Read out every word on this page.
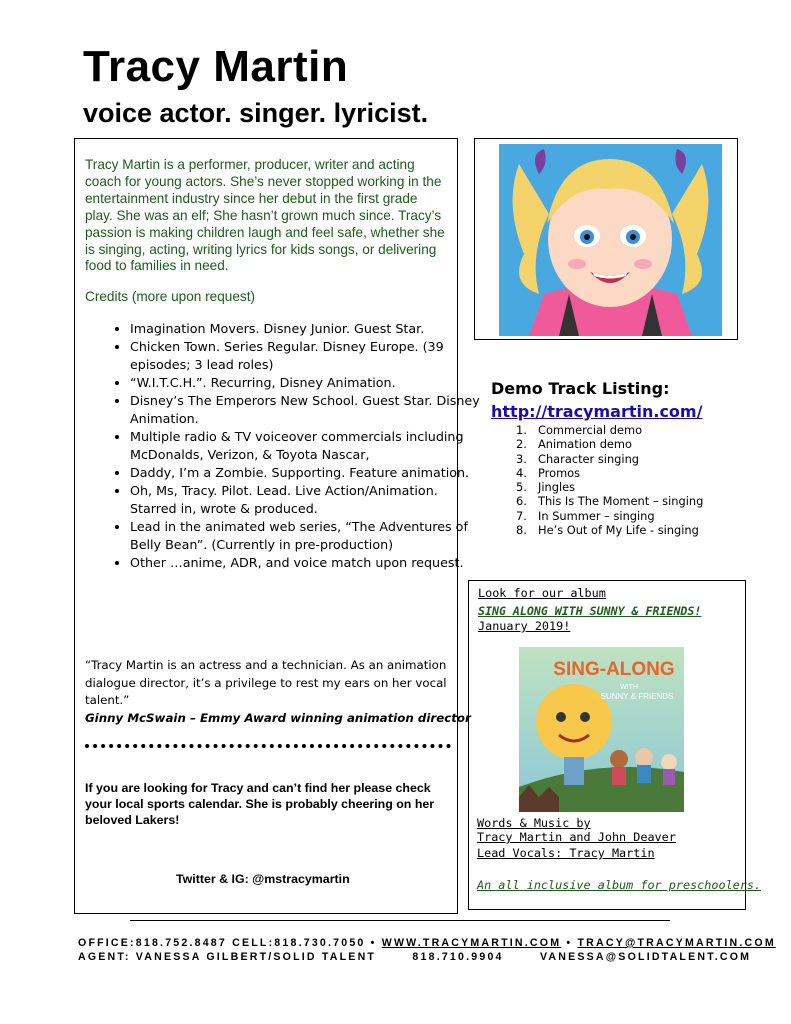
Tracy Martin
voice actor. singer. lyricist.
Tracy Martin is a performer, producer, writer and acting coach for young actors. She’s never stopped working in the entertainment industry since her debut in the first grade play. She was an elf; She hasn’t grown much since. Tracy’s passion is making children laugh and feel safe, whether she is singing, acting, writing lyrics for kids songs, or delivering food to families in need.
Credits (more upon request)
• Imagination Movers. Disney Junior. Guest Star.
• Chicken Town. Series Regular. Disney Europe. (39 episodes; 3 lead roles)
• “W.I.T.C.H.”. Recurring, Disney Animation.
• Disney’s The Emperors New School. Guest Star. Disney Animation.
• Multiple radio & TV voiceover commercials including McDonalds, Verizon, & Toyota Nascar,
• Daddy, I’m a Zombie. Supporting. Feature animation.
• Oh, Ms, Tracy. Pilot. Lead. Live Action/Animation. Starred in, wrote & produced.
• Lead in the animated web series, “The Adventures of Belly Bean”. (Currently in pre-production)
• Other …anime, ADR, and voice match upon request.
“Tracy Martin is an actress and a technician. As an animation dialogue director, it’s a privilege to rest my ears on her vocal talent.”
Ginny McSwain – Emmy Award winning animation director
If you are looking for Tracy and can’t find her please check your local sports calendar. She is probably cheering on her beloved Lakers!
Twitter & IG: @mstracymartin
Demo Track Listing:
http://tracymartin.com/
1. Commercial demo
2. Animation demo
3. Character singing
4. Promos
5. Jingles
6. This Is The Moment – singing
7. In Summer – singing
8. He’s Out of My Life - singing
Look for our album
SING ALONG WITH SUNNY & FRIENDS!
January 2019!
SING-ALONG
WITH
SUNNY & FRIENDS
Words & Music by
Tracy Martin and John Deaver
Lead Vocals: Tracy Martin
An all inclusive album for preschoolers.
OFFICE:818.752.8487 CELL:818.730.7050 • WWW.TRACYMARTIN.COM • TRACY@TRACYMARTIN.COM
AGENT: VANESSA GILBERT/SOLID TALENT	818.710.9904	VANESSA@SOLIDTALENT.COM
